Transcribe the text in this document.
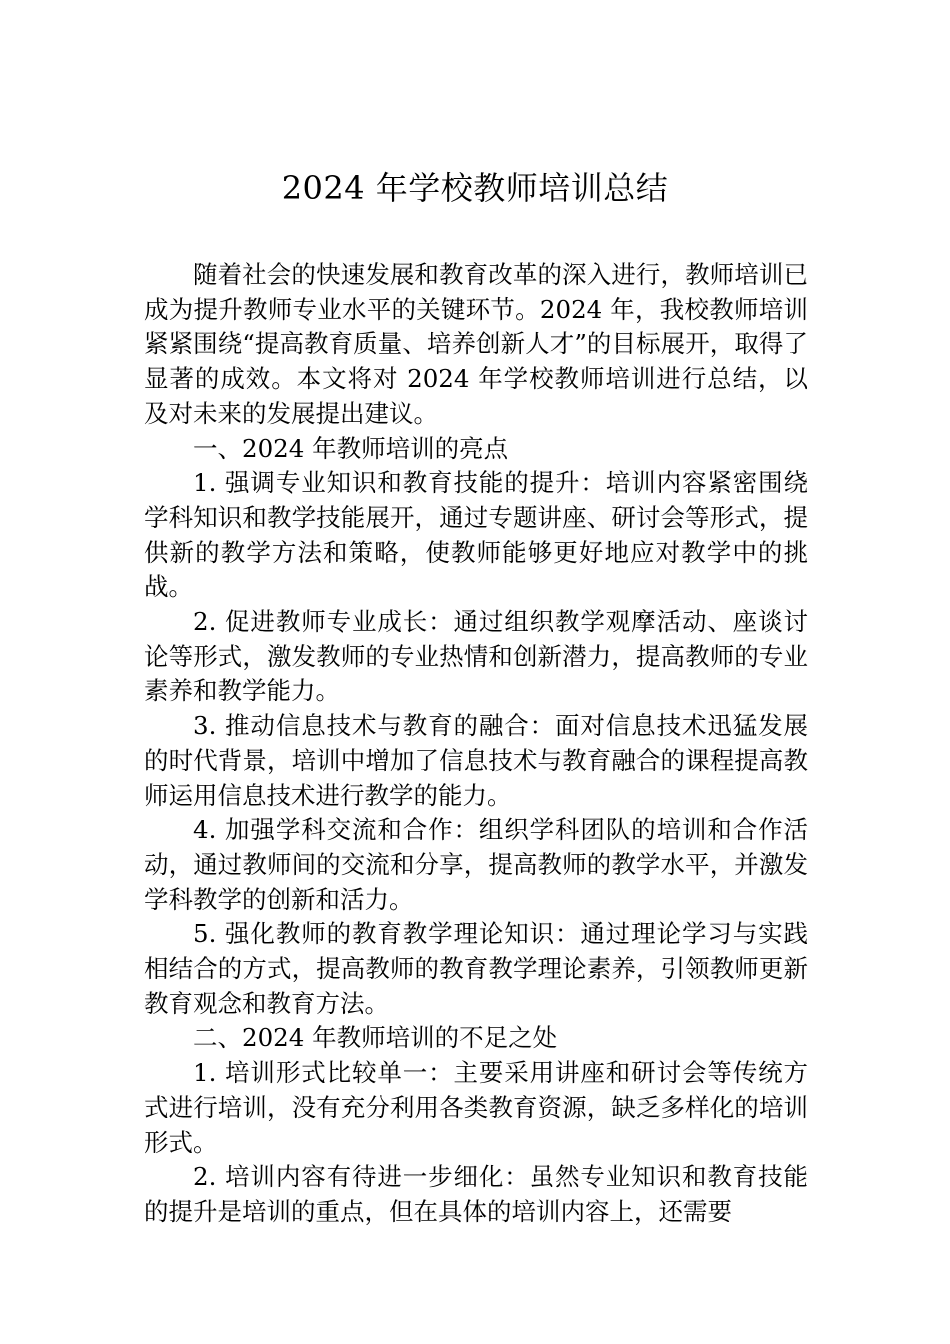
2024 年学校教师培训总结

随着社会的快速发展和教育改革的深入进行，教师培训已成为提升教师专业水平的关键环节。2024 年，我校教师培训紧紧围绕“提高教育质量、培养创新人才”的目标展开，取得了显著的成效。本文将对 2024 年学校教师培训进行总结，以及对未来的发展提出建议。

一、2024 年教师培训的亮点

1. 强调专业知识和教育技能的提升：培训内容紧密围绕学科知识和教学技能展开，通过专题讲座、研讨会等形式，提供新的教学方法和策略，使教师能够更好地应对教学中的挑战。

2. 促进教师专业成长：通过组织教学观摩活动、座谈讨论等形式，激发教师的专业热情和创新潜力，提高教师的专业素养和教学能力。

3. 推动信息技术与教育的融合：面对信息技术迅猛发展的时代背景，培训中增加了信息技术与教育融合的课程提高教师运用信息技术进行教学的能力。

4. 加强学科交流和合作：组织学科团队的培训和合作活动，通过教师间的交流和分享，提高教师的教学水平，并激发学科教学的创新和活力。

5. 强化教师的教育教学理论知识：通过理论学习与实践相结合的方式，提高教师的教育教学理论素养，引领教师更新教育观念和教育方法。

二、2024 年教师培训的不足之处

1. 培训形式比较单一：主要采用讲座和研讨会等传统方式进行培训，没有充分利用各类教育资源，缺乏多样化的培训形式。

2. 培训内容有待进一步细化：虽然专业知识和教育技能的提升是培训的重点，但在具体的培训内容上，还需要
